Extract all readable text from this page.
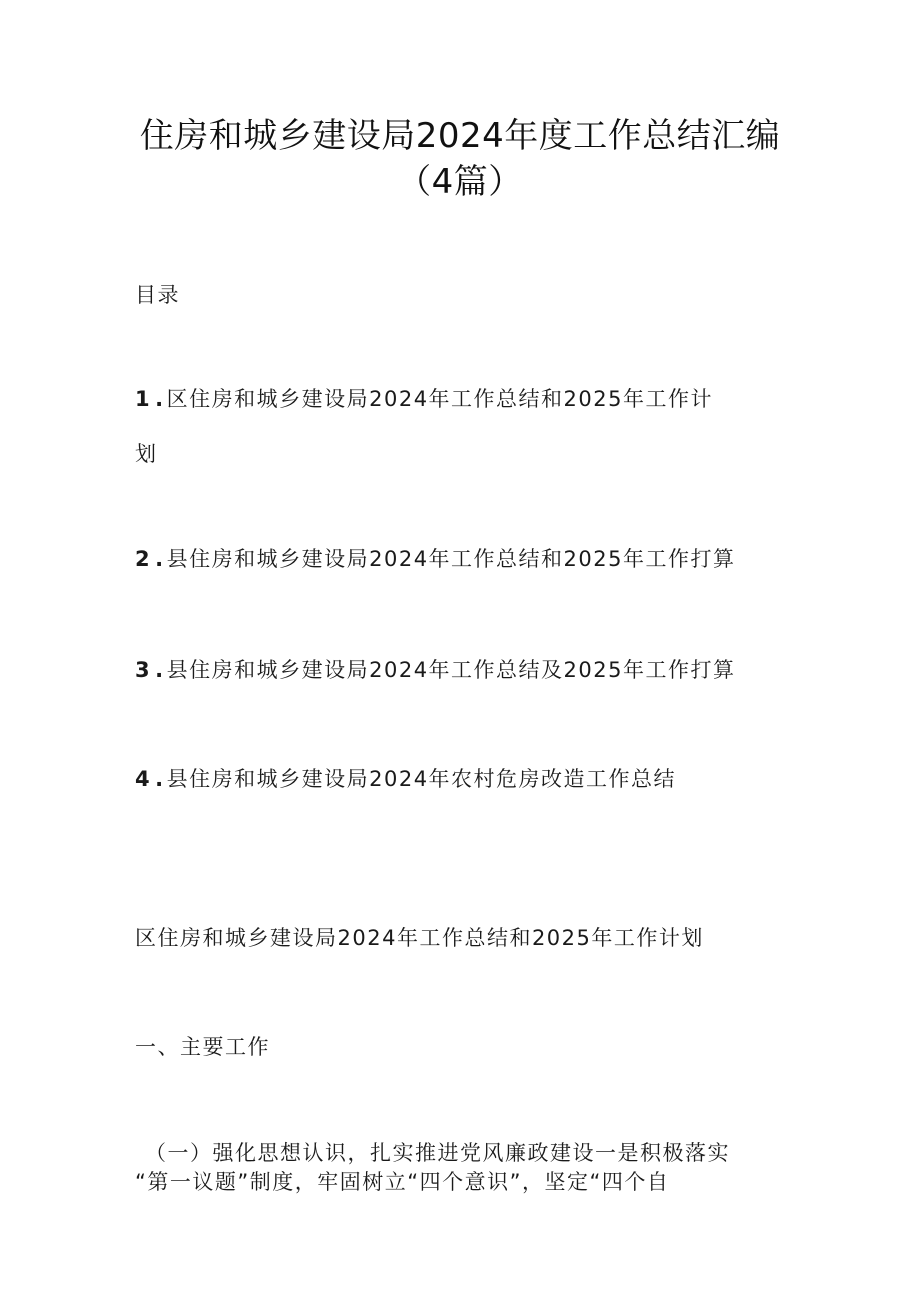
住房和城乡建设局2024年度工作总结汇编
（4篇）
目录
1 .区住房和城乡建设局2024年工作总结和2025年工作计
划
2 .县住房和城乡建设局2024年工作总结和2025年工作打算
3 .县住房和城乡建设局2024年工作总结及2025年工作打算
4 .县住房和城乡建设局2024年农村危房改造工作总结
区住房和城乡建设局2024年工作总结和2025年工作计划
一、主要工作
（一）强化思想认识，扎实推进党风廉政建设一是积极落实
“第一议题”制度，牢固树立“四个意识”，坚定“四个自
